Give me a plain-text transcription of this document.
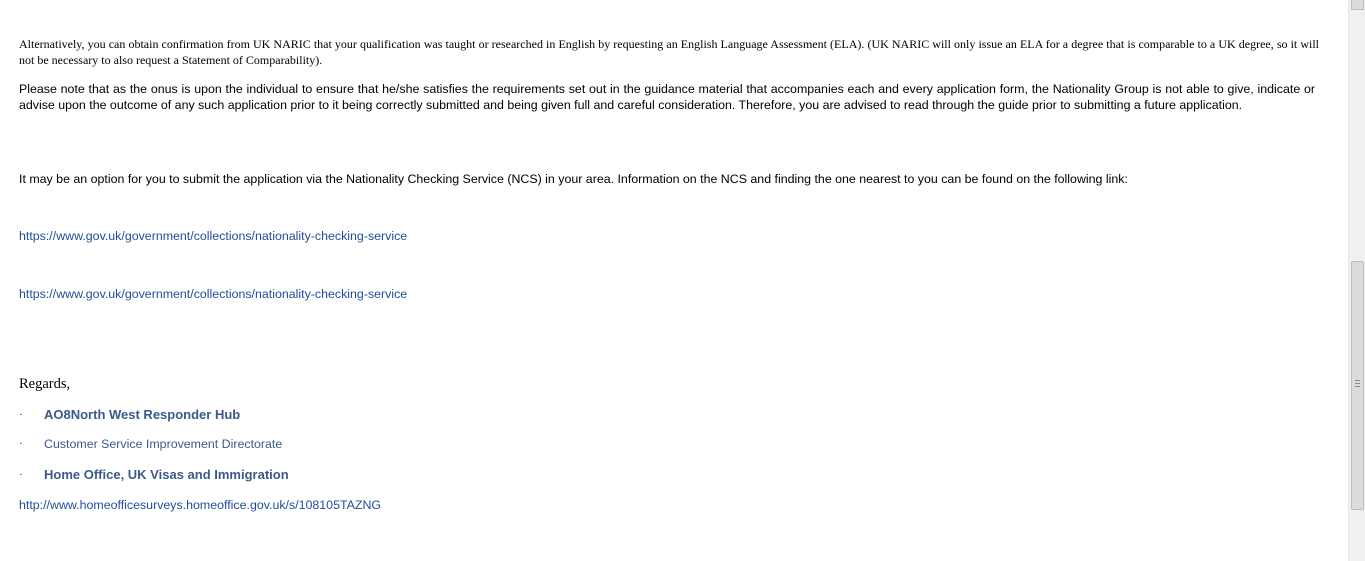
Alternatively, you can obtain confirmation from UK NARIC that your qualification was taught or researched in English by requesting an English Language Assessment (ELA). (UK NARIC will only issue an ELA for a degree that is comparable to a UK degree, so it will not be necessary to also request a Statement of Comparability).
Please note that as the onus is upon the individual to ensure that he/she satisfies the requirements set out in the guidance material that accompanies each and every application form, the Nationality Group is not able to give, indicate or advise upon the outcome of any such application prior to it being correctly submitted and being given full and careful consideration. Therefore, you are advised to read through the guide prior to submitting a future application.
It may be an option for you to submit the application via the Nationality Checking Service (NCS) in your area. Information on the NCS and finding the one nearest to you can be found on the following link:
https://www.gov.uk/government/collections/nationality-checking-service
https://www.gov.uk/government/collections/nationality-checking-service
Regards,
·	AO8North West Responder Hub
·	Customer Service Improvement Directorate
·	Home Office, UK Visas and Immigration
http://www.homeofficesurveys.homeoffice.gov.uk/s/108105TAZNG
